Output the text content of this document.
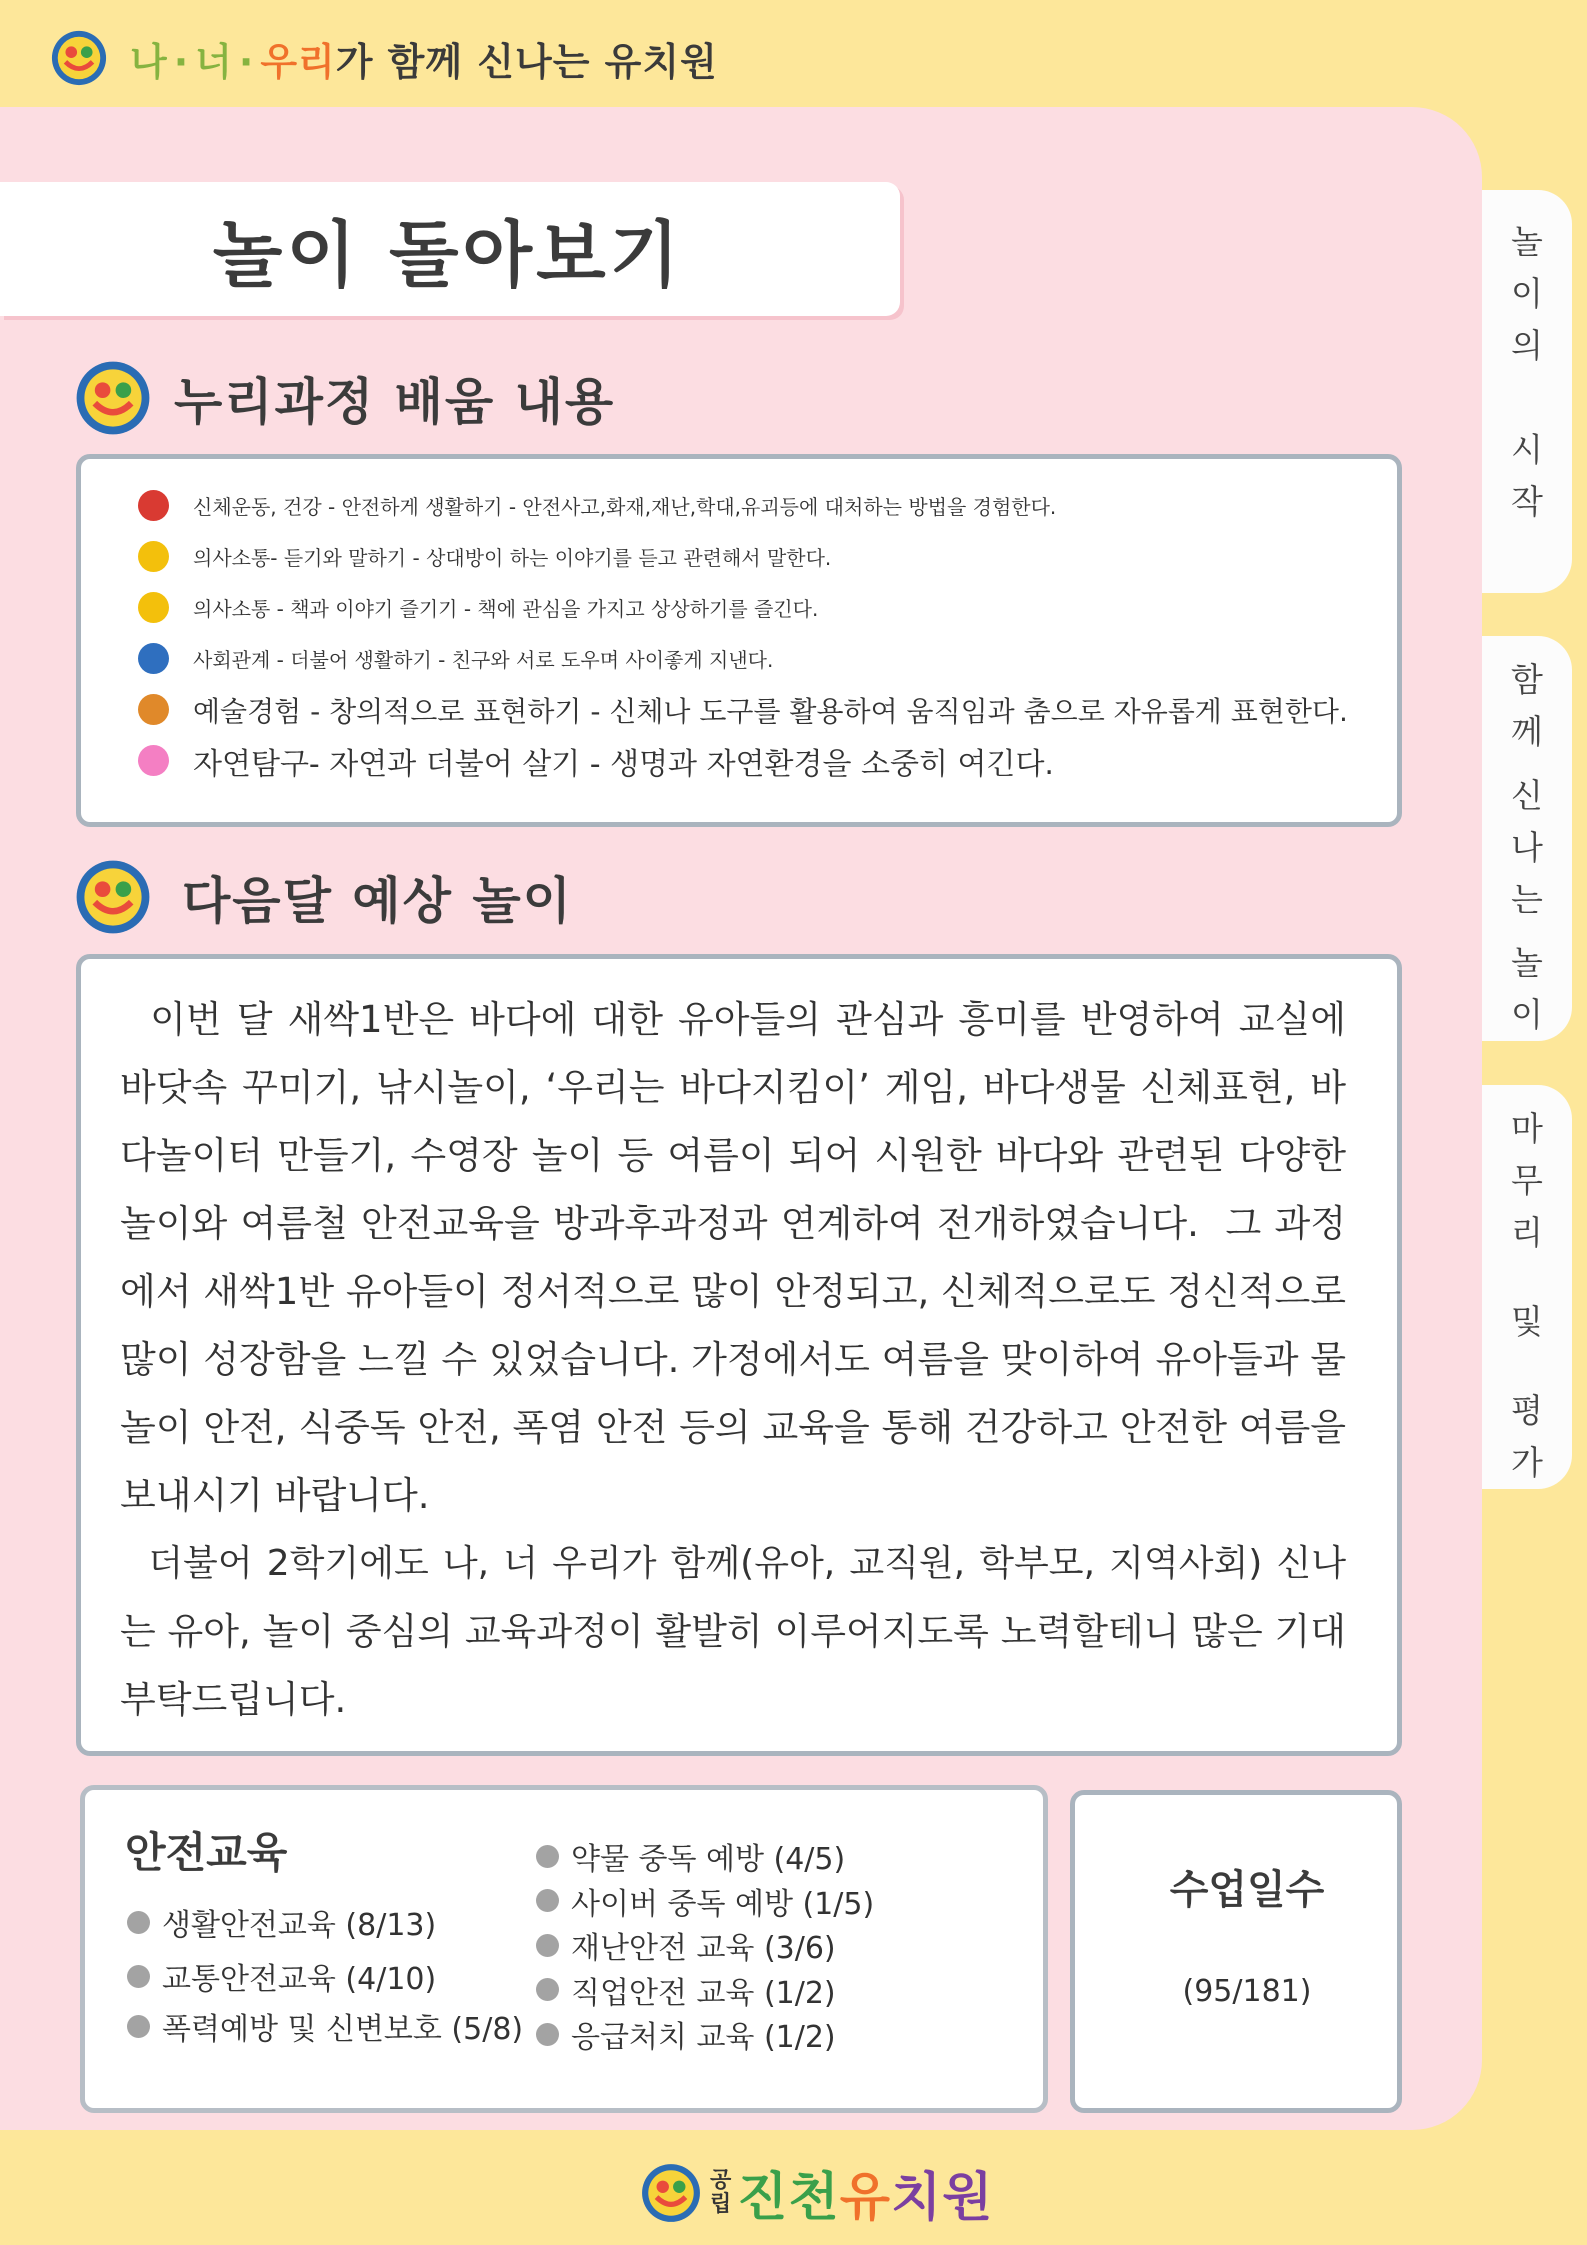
나 · 너 · 우리가 함께 신나는 유치원
놀
이
의
시
작
함
께
신
나
는
놀
이
마
무
리
및
평
가
놀이 돌아보기
누리과정 배움 내용
신체운동, 건강 - 안전하게 생활하기 - 안전사고,화재,재난,학대,유괴등에 대처하는 방법을 경험한다.
의사소통- 듣기와 말하기 - 상대방이 하는 이야기를 듣고 관련해서 말한다.
의사소통 - 책과 이야기 즐기기 - 책에 관심을 가지고 상상하기를 즐긴다.
사회관계 - 더불어 생활하기 - 친구와 서로 도우며 사이좋게 지낸다.
예술경험 - 창의적으로 표현하기 - 신체나 도구를 활용하여 움직임과 춤으로 자유롭게 표현한다.
자연탐구- 자연과 더불어 살기 - 생명과 자연환경을 소중히 여긴다.
다음달 예상 놀이
이번 달 새싹1반은 바다에 대한 유아들의 관심과 흥미를 반영하여 교실에
바닷속 꾸미기, 낚시놀이, ‘우리는 바다지킴이’ 게임, 바다생물 신체표현, 바
다놀이터 만들기, 수영장 놀이 등 여름이 되어 시원한 바다와 관련된 다양한
놀이와 여름철 안전교육을 방과후과정과 연계하여 전개하였습니다.  그 과정
에서 새싹1반 유아들이 정서적으로 많이 안정되고, 신체적으로도 정신적으로
많이 성장함을 느낄 수 있었습니다. 가정에서도 여름을 맞이하여 유아들과 물
놀이 안전, 식중독 안전, 폭염 안전 등의 교육을 통해 건강하고 안전한 여름을
보내시기 바랍니다.
더불어 2학기에도 나, 너 우리가 함께(유아, 교직원, 학부모, 지역사회) 신나
는 유아, 놀이 중심의 교육과정이 활발히 이루어지도록 노력할테니 많은 기대
부탁드립니다.
안전교육
생활안전교육 (8/13)
교통안전교육 (4/10)
폭력예방 및 신변보호 (5/8)
약물 중독 예방 (4/5)
사이버 중독 예방 (1/5)
재난안전 교육 (3/6)
직업안전 교육 (1/2)
응급처치 교육 (1/2)
수업일수
(95/181)
공
립 진천유치원
